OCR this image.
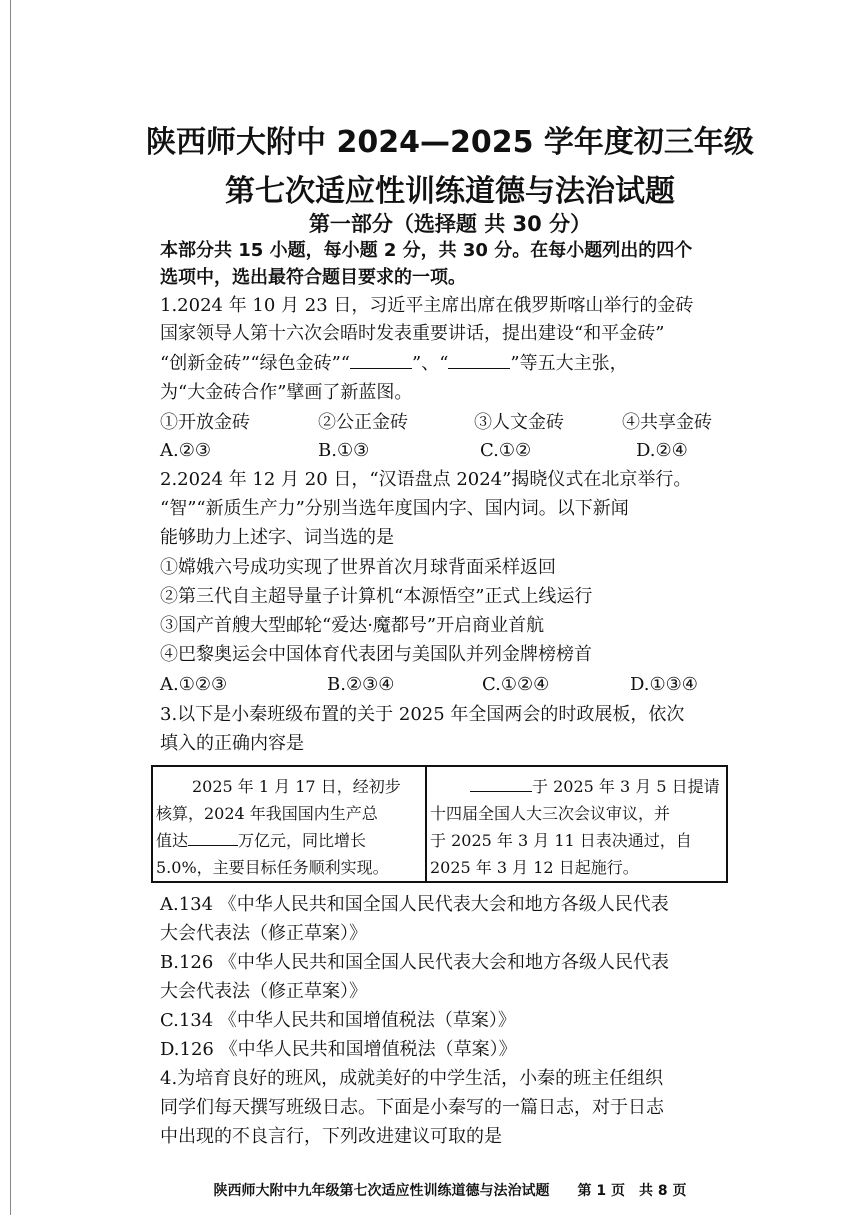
陕西师大附中 2024—2025 学年度初三年级
第七次适应性训练道德与法治试题
第一部分（选择题 共 30 分）
本部分共 15 小题，每小题 2 分，共 30 分。在每小题列出的四个
选项中，选出最符合题目要求的一项。
1.2024 年 10 月 23 日，习近平主席出席在俄罗斯喀山举行的金砖
国家领导人第十六次会晤时发表重要讲话，提出建设“和平金砖”
“创新金砖”“绿色金砖”“	”、“	”等五大主张，
为“大金砖合作”擘画了新蓝图。
①开放金砖	②公正金砖	③人文金砖	④共享金砖
A.②③	B.①③	C.①②	D.②④
2.2024 年 12 月 20 日，“汉语盘点 2024”揭晓仪式在北京举行。
“智”“新质生产力”分别当选年度国内字、国内词。以下新闻
能够助力上述字、词当选的是
①嫦娥六号成功实现了世界首次月球背面采样返回
②第三代自主超导量子计算机“本源悟空”正式上线运行
③国产首艘大型邮轮“爱达·魔都号”开启商业首航
④巴黎奥运会中国体育代表团与美国队并列金牌榜榜首
A.①②③	B.②③④	C.①②④	D.①③④
3.以下是小秦班级布置的关于 2025 年全国两会的时政展板，依次
填入的正确内容是
2025 年 1 月 17 日，经初步
核算，2024 年我国国内生产总
值达	万亿元，同比增长
5.0%，主要目标任务顺利实现。
于 2025 年 3 月 5 日提请
十四届全国人大三次会议审议，并
于 2025 年 3 月 11 日表决通过，自
2025 年 3 月 12 日起施行。
A.134 《中华人民共和国全国人民代表大会和地方各级人民代表
大会代表法（修正草案）》
B.126 《中华人民共和国全国人民代表大会和地方各级人民代表
大会代表法（修正草案）》
C.134 《中华人民共和国增值税法（草案）》
D.126 《中华人民共和国增值税法（草案）》
4.为培育良好的班风，成就美好的中学生活，小秦的班主任组织
同学们每天撰写班级日志。下面是小秦写的一篇日志，对于日志
中出现的不良言行，下列改进建议可取的是
陕西师大附中九年级第七次适应性训练道德与法治试题　　第 1 页　共 8 页
